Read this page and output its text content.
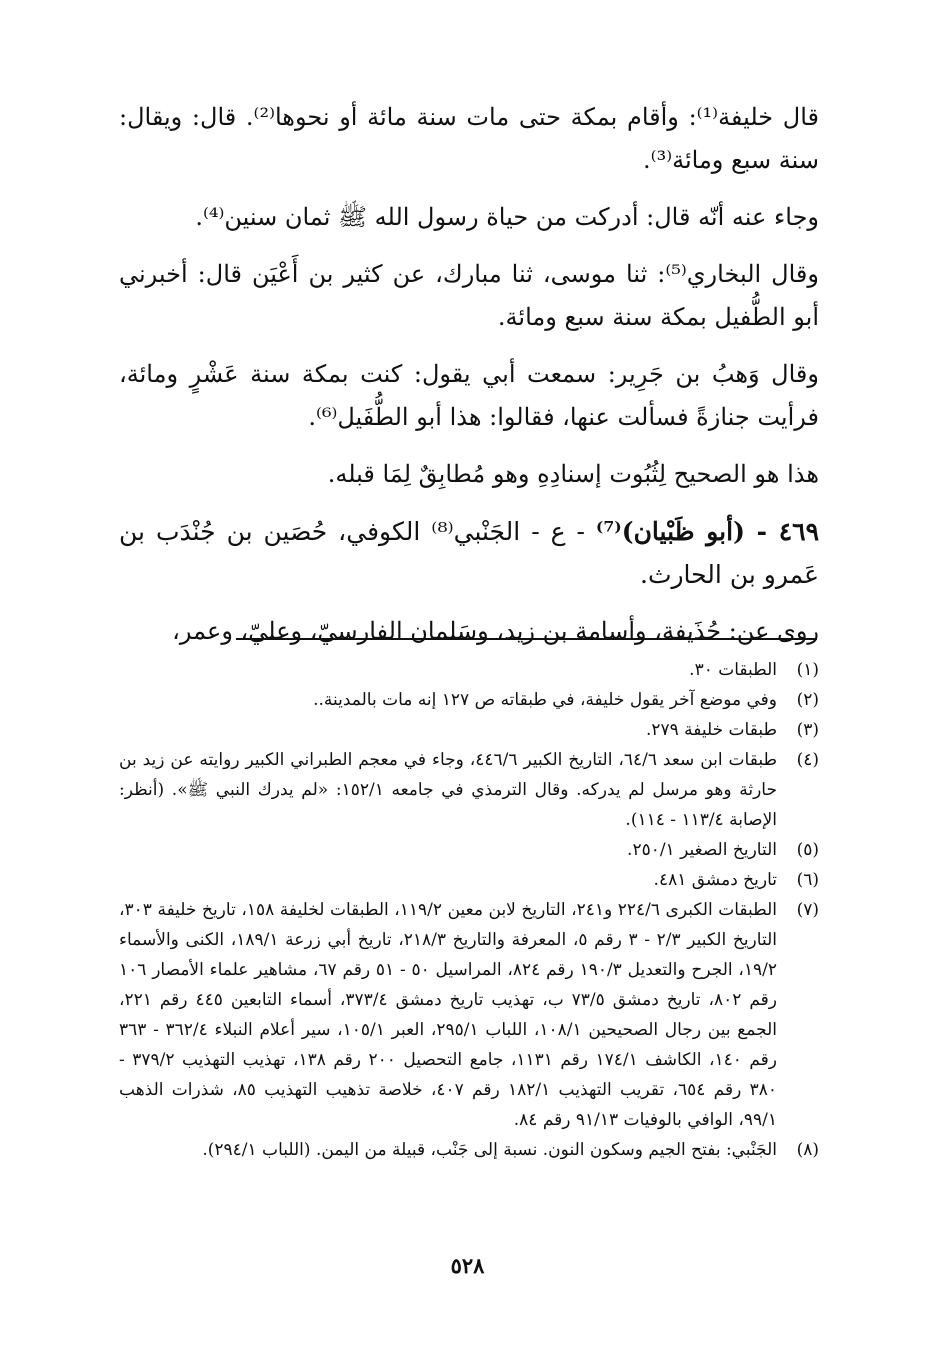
قال خليفة⁽¹⁾: وأقام بمكة حتى مات سنة مائة أو نحوها⁽²⁾. قال: ويقال: سنة سبع ومائة⁽³⁾.

وجاء عنه أنّه قال: أدركت من حياة رسول الله ﷺ ثمان سنين⁽⁴⁾.

وقال البخاري⁽⁵⁾: ثنا موسى، ثنا مبارك، عن كثير بن أَعْيَن قال: أخبرني أبو الطُّفيل بمكة سنة سبع ومائة.

وقال وَهبُ بن جَرِير: سمعت أبي يقول: كنت بمكة سنة عَشْرٍ ومائة، فرأيت جنازةً فسألت عنها، فقالوا: هذا أبو الطُّفَيل⁽⁶⁾.

هذا هو الصحيح لِثُبُوت إسنادِهِ وهو مُطابِقٌ لِمَا قبله.

٤٦٩ - (أبو ظَبْيان)⁽⁷⁾ - ع - الجَنْبي⁽⁸⁾ الكوفي، حُصَين بن جُنْدَب بن عَمرو بن الحارث.

روى عن: حُذَيفة، وأسامة بن زيد، وسَلمان الفارسيّ، وعليّ، وعمر،

(١)
الطبقات ٣٠.
(٢)
وفي موضع آخر يقول خليفة، في طبقاته ص ١٢٧ إنه مات بالمدينة..
(٣)
طبقات خليفة ٢٧٩.
(٤)
طبقات ابن سعد ٦٤/٦، التاريخ الكبير ٤٤٦/٦، وجاء في معجم الطبراني الكبير روايته عن زيد بن حارثة وهو مرسل لم يدركه. وقال الترمذي في جامعه ١٥٢/١: «لم يدرك النبي ﷺ». (أنظر: الإصابة ١١٣/٤ - ١١٤).
(٥)
التاريخ الصغير ٢٥٠/١.
(٦)
تاريخ دمشق ٤٨١.
(٧)
الطبقات الكبرى ٢٢٤/٦ و٢٤١، التاريخ لابن معين ١١٩/٢، الطبقات لخليفة ١٥٨، تاريخ خليفة ٣٠٣، التاريخ الكبير ٢/٣ - ٣ رقم ٥، المعرفة والتاريخ ٢١٨/٣، تاريخ أبي زرعة ١٨٩/١، الكنى والأسماء ١٩/٢، الجرح والتعديل ١٩٠/٣ رقم ٨٢٤، المراسيل ٥٠ - ٥١ رقم ٦٧، مشاهير علماء الأمصار ١٠٦ رقم ٨٠٢، تاريخ دمشق ٧٣/٥ ب، تهذيب تاريخ دمشق ٣٧٣/٤، أسماء التابعين ٤٤٥ رقم ٢٢١، الجمع بين رجال الصحيحين ١٠٨/١، اللباب ٢٩٥/١، العبر ١٠٥/١، سير أعلام النبلاء ٣٦٢/٤ - ٣٦٣ رقم ١٤٠، الكاشف ١٧٤/١ رقم ١١٣١، جامع التحصيل ٢٠٠ رقم ١٣٨، تهذيب التهذيب ٣٧٩/٢ - ٣٨٠ رقم ٦٥٤، تقريب التهذيب ١٨٢/١ رقم ٤٠٧، خلاصة تذهيب التهذيب ٨٥، شذرات الذهب ٩٩/١، الوافي بالوفيات ٩١/١٣ رقم ٨٤.
(٨)
الجَنْبي: بفتح الجيم وسكون النون. نسبة إلى جَنْب، قبيلة من اليمن. (اللباب ٢٩٤/١).
٥٢٨
